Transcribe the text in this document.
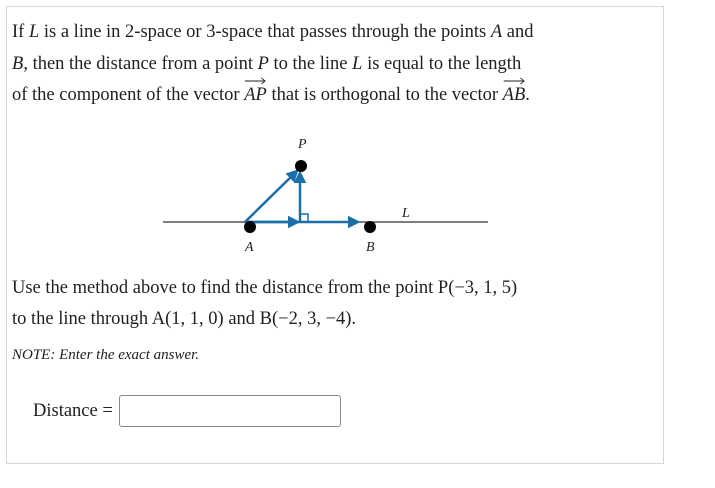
If L is a line in 2-space or 3-space that passes through the points A and

B, then the distance from a point P to the line L is equal to the length

of the component of the vector
AP that is orthogonal to the vector
AB.

P
A	B
L

Use the method above to find the distance from the point P(−3, 1, 5)

to the line through A(1, 1, 0) and B(−2, 3, −4).

NOTE: Enter the exact answer.
Distance =
